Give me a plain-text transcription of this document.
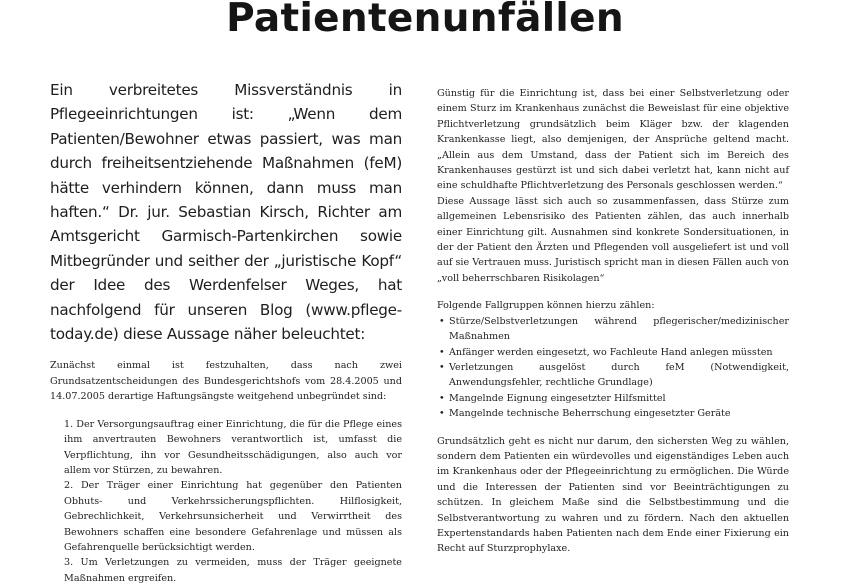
Patientenunfällen

Ein verbreitetes Missverständnis in Pflegeeinrichtungen ist: „Wenn dem Patienten/Bewohner etwas passiert, was man durch freiheitsentziehende Maßnahmen (feM) hätte verhindern können, dann muss man haften.“ Dr. jur. Sebastian Kirsch, Richter am Amtsgericht Garmisch-Partenkirchen sowie Mitbegründer und seither der „juristische Kopf“ der Idee des Werdenfelser Weges, hat nachfolgend für unseren Blog (www.pflege-today.de) diese Aussage näher beleuchtet:

Zunächst einmal ist festzuhalten, dass nach zwei Grundsatzentscheidungen des Bundesgerichtshofs vom 28.4.2005 und 14.07.2005 derartige Haftungsängste weitgehend unbegründet sind:

1. Der Versorgungsauftrag einer Einrichtung, die für die Pflege eines ihm anvertrauten Bewohners verantwortlich ist, umfasst die Verpflichtung, ihn vor Gesundheitsschädigungen, also auch vor allem vor Stürzen, zu bewahren.
2. Der Träger einer Einrichtung hat gegenüber den Patienten Obhuts- und Verkehrssicherungspflichten. Hilflosigkeit, Gebrechlichkeit, Verkehrsunsicherheit und Verwirrtheit des Bewohners schaffen eine besondere Gefahrenlage und müssen als Gefahrenquelle berücksichtigt werden.
3. Um Verletzungen zu vermeiden, muss der Träger geeignete Maßnahmen ergreifen.

Günstig für die Einrichtung ist, dass bei einer Selbstverletzung oder einem Sturz im Krankenhaus zunächst die Beweislast für eine objektive Pflichtverletzung grundsätzlich beim Kläger bzw. der klagenden Krankenkasse liegt, also demjenigen, der Ansprüche geltend macht. „Allein aus dem Umstand, dass der Patient sich im Bereich des Krankenhauses gestürzt ist und sich dabei verletzt hat, kann nicht auf eine schuldhafte Pflichtverletzung des Personals geschlossen werden.“

Diese Aussage lässt sich auch so zusammenfassen, dass Stürze zum allgemeinen Lebensrisiko des Patienten zählen, das auch innerhalb einer Einrichtung gilt. Ausnahmen sind konkrete Sondersituationen, in der der Patient den Ärzten und Pflegenden voll ausgeliefert ist und voll auf sie Vertrauen muss. Juristisch spricht man in diesen Fällen auch von „voll beherrschbaren Risikolagen“

Folgende Fallgruppen können hierzu zählen:

• Stürze/Selbstverletzungen während pflegerischer/medizinischer Maßnahmen
• Anfänger werden eingesetzt, wo Fachleute Hand anlegen müssten
• Verletzungen ausgelöst durch feM (Notwendigkeit, Anwendungsfehler, rechtliche Grundlage)
• Mangelnde Eignung eingesetzter Hilfsmittel
• Mangelnde technische Beherrschung eingesetzter Geräte

Grundsätzlich geht es nicht nur darum, den sichersten Weg zu wählen, sondern dem Patienten ein würdevolles und eigenständiges Leben auch im Krankenhaus oder der Pflegeeinrichtung zu ermöglichen. Die Würde und die Interessen der Patienten sind vor Beeinträchtigungen zu schützen. In gleichem Maße sind die Selbstbestimmung und die Selbstverantwortung zu wahren und zu fördern. Nach den aktuellen Expertenstandards haben Patienten nach dem Ende einer Fixierung ein Recht auf Sturzprophylaxe.
